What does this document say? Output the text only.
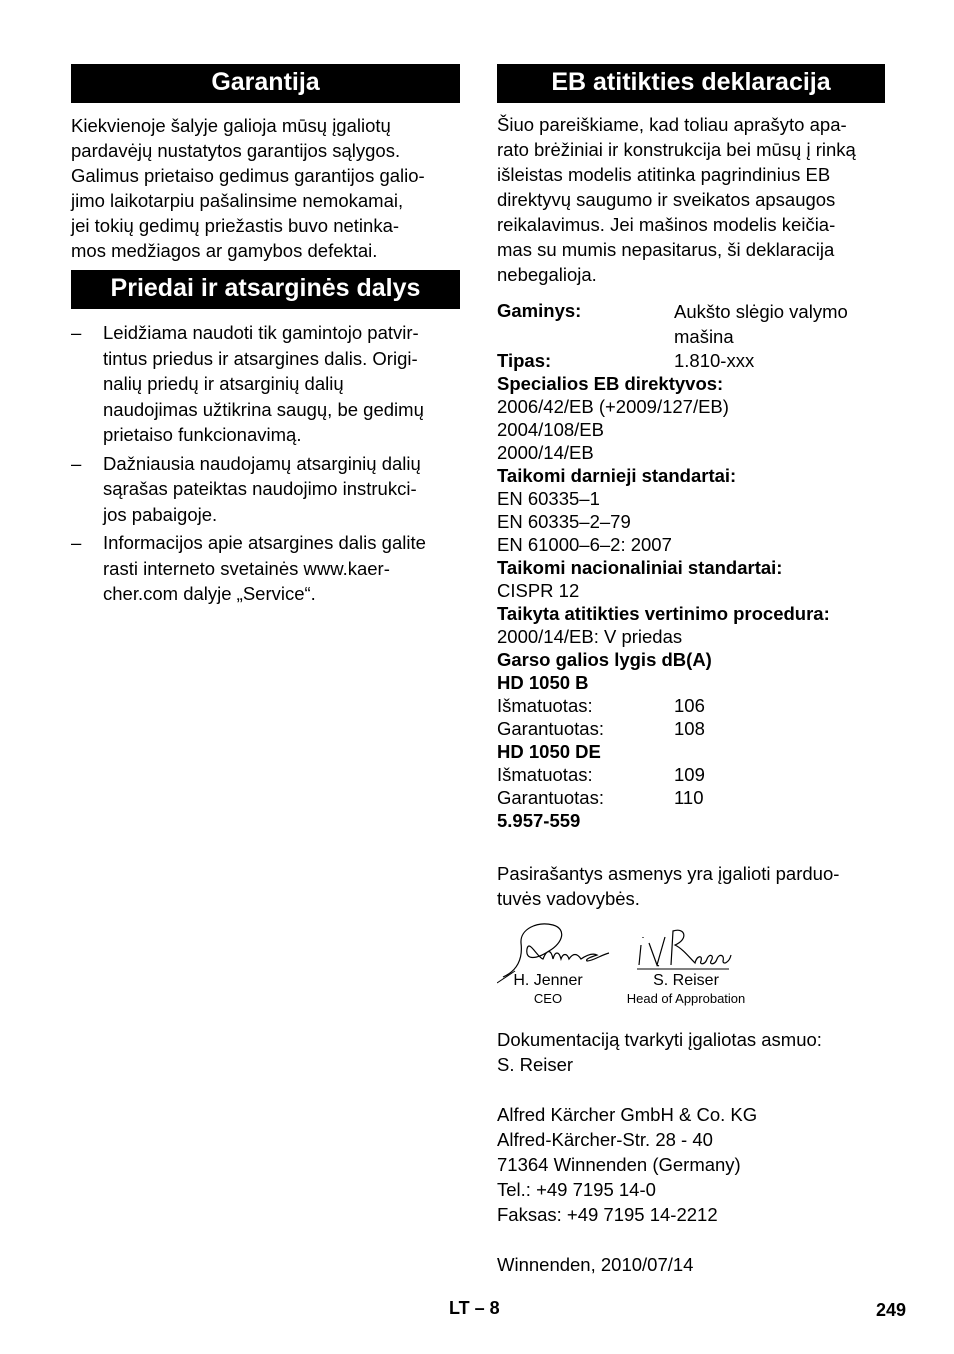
Garantija
Kiekvienoje šalyje galioja mūsų įgaliotų
pardavėjų nustatytos garantijos sąlygos.
Galimus prietaiso gedimus garantijos galio-
jimo laikotarpiu pašalinsime nemokamai,
jei tokių gedimų priežastis buvo netinka-
mos medžiagos ar gamybos defektai.
Priedai ir atsarginės dalys
– Leidžiama naudoti tik gamintojo patvir-
tintus priedus ir atsargines dalis. Origi-
nalių priedų ir atsarginių dalių
naudojimas užtikrina saugų, be gedimų
prietaiso funkcionavimą.
– Dažniausia naudojamų atsarginių dalių
sąrašas pateiktas naudojimo instrukci-
jos pabaigoje.
– Informacijos apie atsargines dalis galite
rasti interneto svetainės www.kaer-
cher.com dalyje „Service“.
EB atitikties deklaracija
Šiuo pareiškiame, kad toliau aprašyto apa-
rato brėžiniai ir konstrukcija bei mūsų į rinką
išleistas modelis atitinka pagrindinius EB
direktyvų saugumo ir sveikatos apsaugos
reikalavimus. Jei mašinos modelis keičia-
mas su mumis nepasitarus, ši deklaracija
nebegalioja.
Gaminys:	Aukšto slėgio valymo
mašina
Tipas:	1.810-xxx
Specialios EB direktyvos:
2006/42/EB (+2009/127/EB)
2004/108/EB
2000/14/EB
Taikomi darnieji standartai:
EN 60335–1
EN 60335–2–79
EN 61000–6–2: 2007
Taikomi nacionaliniai standartai:
CISPR 12
Taikyta atitikties vertinimo procedura:
2000/14/EB: V priedas
Garso galios lygis dB(A)
HD 1050 B
Išmatuotas:	106
Garantuotas:	108
HD 1050 DE
Išmatuotas:	109
Garantuotas:	110
5.957-559
Pasirašantys asmenys yra įgalioti parduo-
tuvės vadovybės.
H. Jenner
CEO
S. Reiser
Head of Approbation
Dokumentaciją tvarkyti įgaliotas asmuo:
S. Reiser
Alfred Kärcher GmbH & Co. KG
Alfred-Kärcher-Str. 28 - 40
71364 Winnenden (Germany)
Tel.: +49 7195 14-0
Faksas: +49 7195 14-2212
Winnenden, 2010/07/14
LT – 8	249
